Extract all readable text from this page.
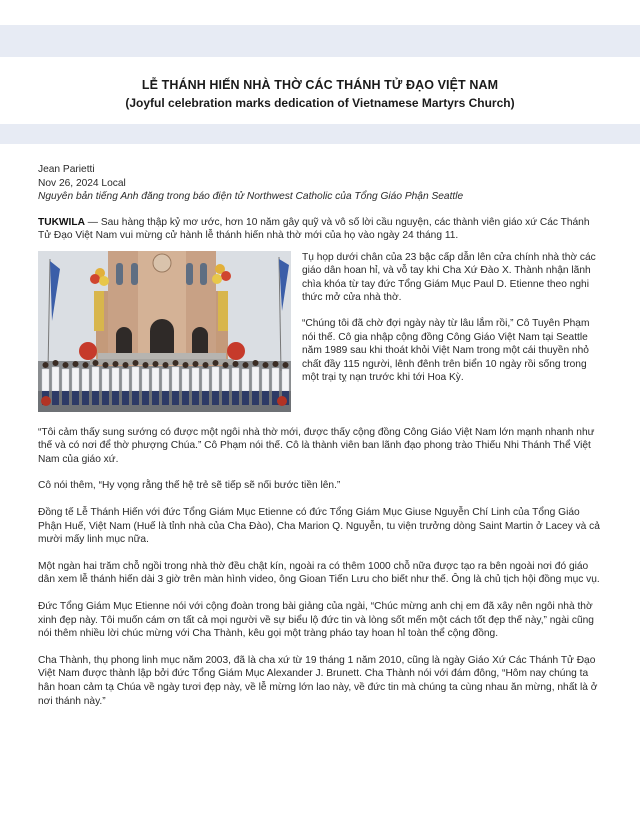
LỄ THÁNH HIẾN NHÀ THỜ CÁC THÁNH TỬ ĐẠO VIỆT NAM
(Joyful celebration marks dedication of Vietnamese Martyrs Church)
Jean Parietti
Nov 26, 2024 Local
Nguyên bản tiếng Anh đăng trong báo điện tử Northwest Catholic của Tổng Giáo Phận Seattle

TUKWILA — Sau hàng thập kỷ mơ ước, hơn 10 năm gây quỹ và vô số lời cầu nguyện, các thành viên giáo xứ Các Thánh Tử Đạo Việt Nam vui mừng cử hành lễ thánh hiến nhà thờ mới của họ vào ngày 24 tháng 11.

Tụ họp dưới chân của 23 bậc cấp dẫn lên cửa chính nhà thờ các giáo dân hoan hỉ, và vỗ tay khi Cha Xứ Đào X. Thành nhận lãnh chìa khóa từ tay đức Tổng Giám Mục Paul D. Etienne theo nghi thức mở cửa nhà thờ.

“Chúng tôi đã chờ đợi ngày này từ lâu lắm rồi,” Cô Tuyên Phạm nói thế. Cô gia nhập cộng đồng Công Giáo Việt Nam tại Seattle năm 1989 sau khi thoát khỏi Việt Nam trong một cái thuyền nhỏ chất đầy 115 người, lênh đênh trên biển 10 ngày rồi sống trong một trại tỵ nạn trước khi tới Hoa Kỳ.

“Tôi cảm thấy sung sướng có được một ngôi nhà thờ mới, được thấy cộng đồng Công Giáo Việt Nam lớn mạnh nhanh như thế và có nơi để thờ phượng Chúa.” Cô Phạm nói thế. Cô là thành viên ban lãnh đạo phong trào Thiếu Nhi Thánh Thể Việt Nam của giáo xứ.

Cô nói thêm, “Hy vọng rằng thế hệ trẻ sẽ tiếp sẽ nối bước tiền lên.”

Đồng tế Lễ Thánh Hiến với đức Tổng Giám Mục Etienne có đức Tổng Giám Mục Giuse Nguyễn Chí Linh của Tổng Giáo Phận Huế, Việt Nam (Huế là tỉnh nhà của Cha Đào), Cha Marion Q. Nguyễn, tu viện trưởng dòng Saint Martin ở Lacey và cả mười mấy linh mục nữa.

Một ngàn hai trăm chỗ ngồi trong nhà thờ đều chật kín, ngoài ra có thêm 1000 chỗ nữa được tạo ra bên ngoài nơi đó giáo dân xem lễ thánh hiến dài 3 giờ trên màn hình video, ông Gioan Tiến Lưu cho biết như thế. Ông là chủ tịch hội đồng mục vụ.

Đức Tổng Giám Mục Etienne nói với cộng đoàn trong bài giảng của ngài, “Chúc mừng anh chị em đã xây nên ngôi nhà thờ xinh đẹp này. Tôi muốn cám ơn tất cả mọi người về sự biểu lộ đức tin và lòng sốt mến một cách tốt đẹp thế này,” ngài cũng nói thêm nhiều lời chúc mừng với Cha Thành, kêu gọi một tràng pháo tay hoan hỉ toàn thể cộng đồng.

Cha Thành, thụ phong linh mục năm 2003, đã là cha xứ từ 19 tháng 1 năm 2010, cũng là ngày Giáo Xứ Các Thánh Tử Đạo Việt Nam được thành lập bởi đức Tổng Giám Mục Alexander J. Brunett. Cha Thành nói với đám đông, “Hôm nay chúng ta hân hoan cảm tạ Chúa về ngày tươi đẹp này, về lễ mừng lớn lao này, về đức tin mà chúng ta cùng nhau ăn mừng, nhất là ở nơi thánh này.”
